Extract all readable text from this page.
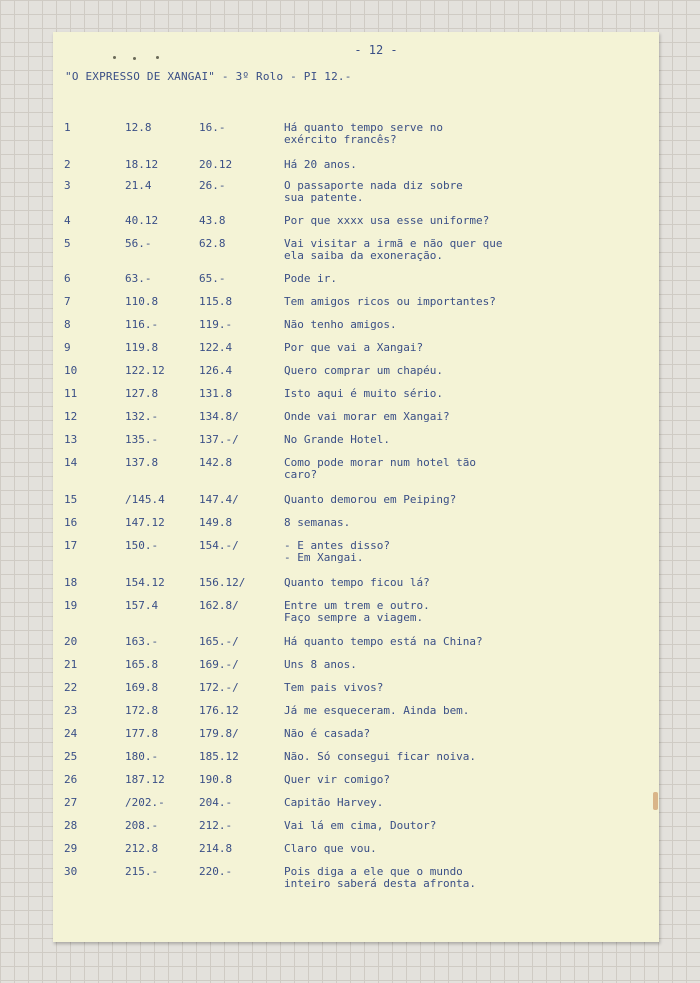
- 12 -
"O EXPRESSO DE XANGAI" - 3º Rolo - PI 12.-
1	12.8	16.-	Há quanto tempo serve no
exército francês?
2	18.12	20.12	Há 20 anos.
3	21.4	26.-	O passaporte nada diz sobre
sua patente.
4	40.12	43.8	Por que xxxx usa esse uniforme?
5	56.-	62.8	Vai visitar a irmã e não quer que
ela saiba da exoneração.
6	63.-	65.-	Pode ir.
7	110.8	115.8	Tem amigos ricos ou importantes?
8	116.-	119.-	Não tenho amigos.
9	119.8	122.4	Por que vai a Xangai?
10	122.12	126.4	Quero comprar um chapéu.
11	127.8	131.8	Isto aqui é muito sério.
12	132.-	134.8/	Onde vai morar em Xangai?
13	135.-	137.-/	No Grande Hotel.
14	137.8	142.8	Como pode morar num hotel tão
caro?
15	/145.4	147.4/	Quanto demorou em Peiping?
16	147.12	149.8	8 semanas.
17	150.-	154.-/	- E antes disso?
- Em Xangai.
18	154.12	156.12/	Quanto tempo ficou lá?
19	157.4	162.8/	Entre um trem e outro.
Faço sempre a viagem.
20	163.-	165.-/	Há quanto tempo está na China?
21	165.8	169.-/	Uns 8 anos.
22	169.8	172.-/	Tem pais vivos?
23	172.8	176.12	Já me esqueceram. Ainda bem.
24	177.8	179.8/	Não é casada?
25	180.-	185.12	Não. Só consegui ficar noiva.
26	187.12	190.8	Quer vir comigo?
27	/202.-	204.-	Capitão Harvey.
28	208.-	212.-	Vai lá em cima, Doutor?
29	212.8	214.8	Claro que vou.
30	215.-	220.-	Pois diga a ele que o mundo
inteiro saberá desta afronta.
